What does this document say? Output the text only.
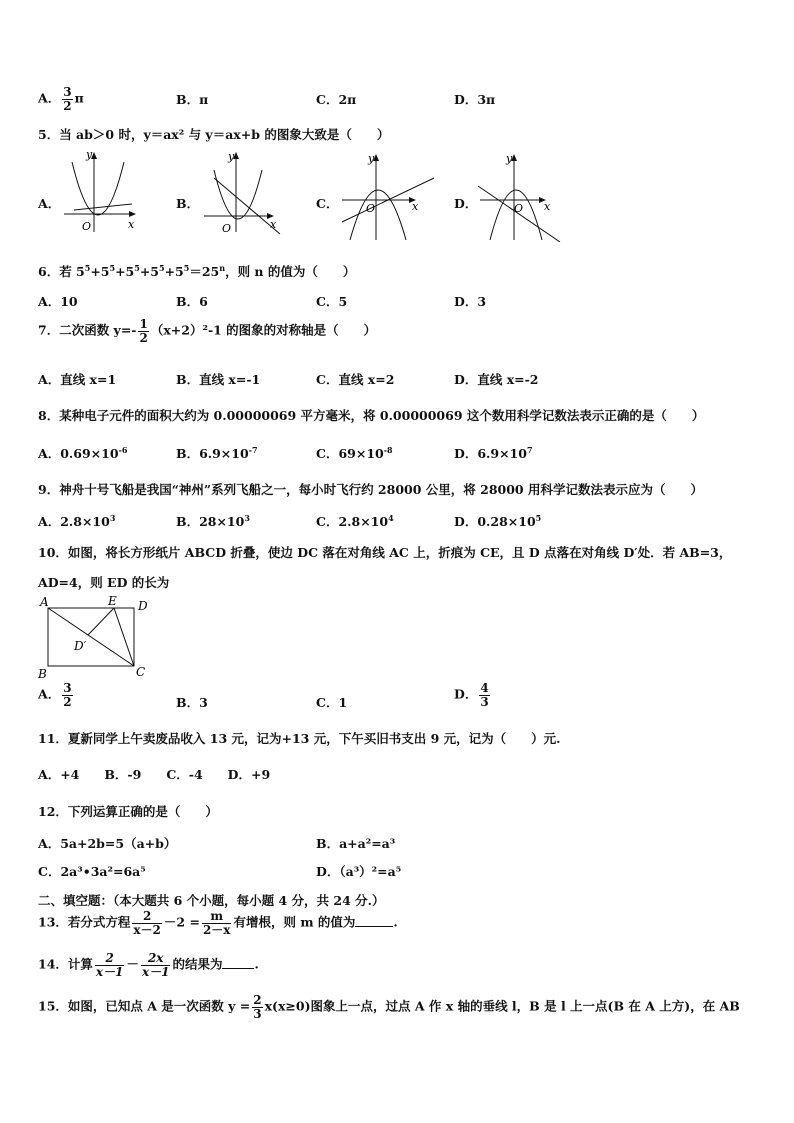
A． $\frac{3}{2}$ π	B．π	C．2π	D．3π
5．当 ab＞0 时，y＝ax² 与 y＝ax+b 的图象大致是（　　）
A．
y
x
O
B．
y
x
O
C．
y
x
O	D．
y
x
O
6．若 $5^5+5^5+5^5+5^5+5^5=25^n$，则 n 的值为（　　）
A．10	B．6	C．5	D．3
7．二次函数 $y=- \frac{1}{2} (x+2)^2-1$ 的图象的对称轴是（　　）
A．直线 x=1	B．直线 x=-1	C．直线 x=2	D．直线 x=-2
8．某种电子元件的面积大约为 0.00000069 平方毫米，将 0.00000069 这个数用科学记数法表示正确的是（　　）
A．$0.69\times 10^{-6}$	B．$6.9\times 10^{-7}$	C．$69\times 10^{-8}$	D．$6.9\times 10^7$
9．神舟十号飞船是我国“神州”系列飞船之一，每小时飞行约 28000 公里，将 28000 用科学记数法表示应为（　　）
A．$2.8\times 10^3$	B．$28\times 10^3$	C．$2.8\times 10^4$	D．$0.28\times 10^5$
10．如图，将长方形纸片 ABCD 折叠，使边 DC 落在对角线 AC 上，折痕为 CE，且 D 点落在对角线 D′处．若 AB=3，
AD=4，则 ED 的长为
A	E D
B	C
D′
A． $\frac{3}{2}$	B．3	C．1
D． $\frac{4}{3}$
11．夏新同学上午卖废品收入 13 元，记为+13 元，下午买旧书支出 9 元，记为（　　）元.
A．+4　　B．-9　　C．-4　　D．+9
12．下列运算正确的是（　　）
A．5a+2b=5（a+b）	B．a+a²=a³
C．2a³•3a²=6a⁵	D．（a³）²=a⁵
二、填空题：（本大题共 6 个小题，每小题 4 分，共 24 分.）
13．若分式方程 $\frac{2}{x-2} -2 = \frac{m}{2-x}$ 有增根，则 m 的值为	.
14．计算 $\frac{2}{x-1} - \frac{2x}{x-1}$ 的结果为	.
15．如图，已知点 A 是一次函数 $y = \frac{2}{3} x(x\ge 0)$图象上一点，过点 A 作 x 轴的垂线 l，B 是 l 上一点(B 在 A 上方)，在 AB
